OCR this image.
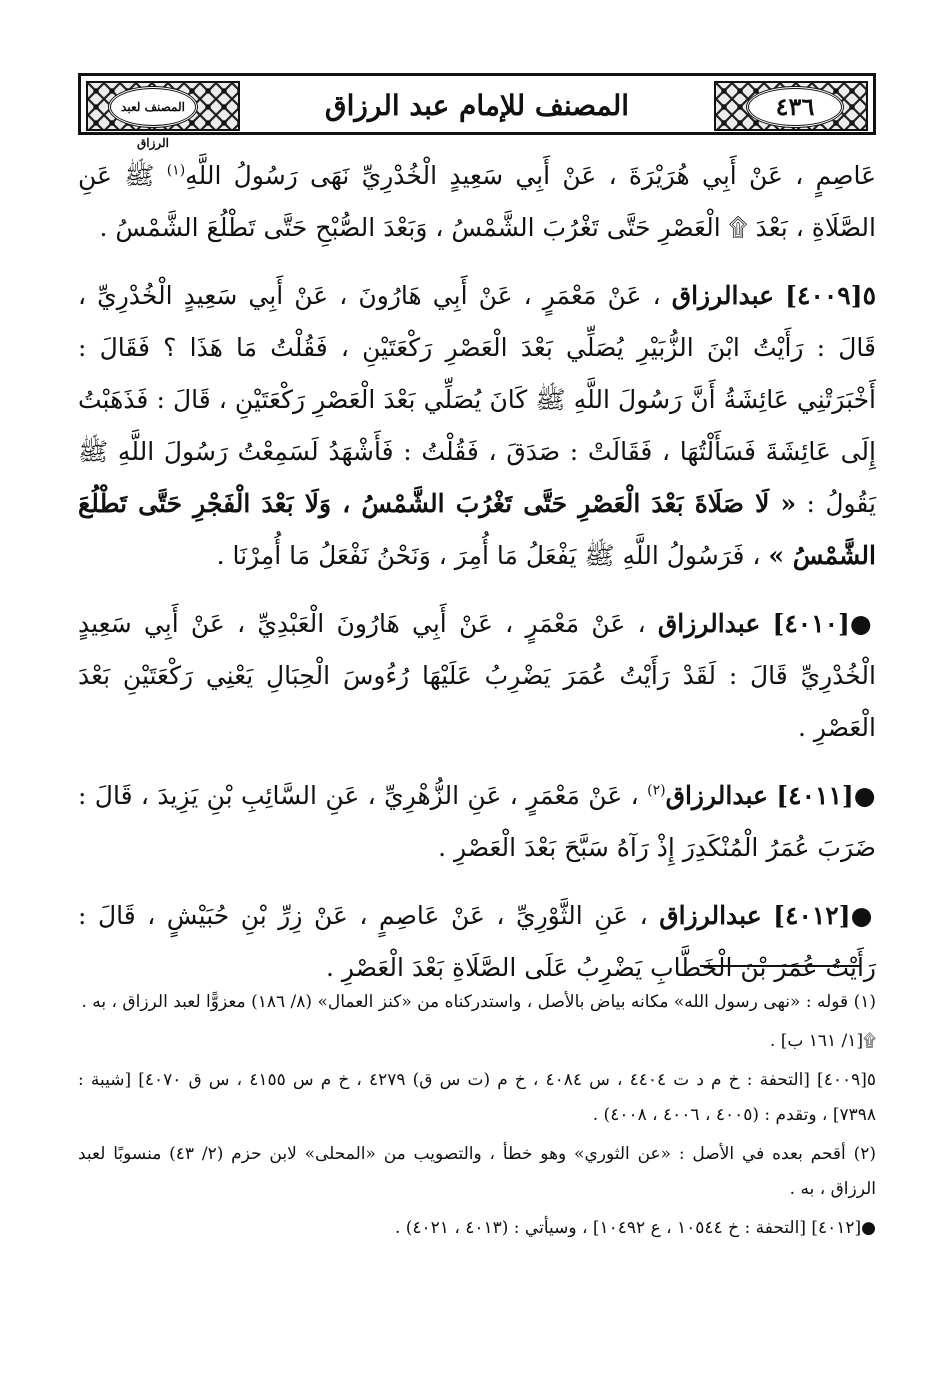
المصنف لعبد الرزاق
المصنف للإمام عبد الرزاق	٤٣٦

عَاصِمٍ ، عَنْ أَبِي هُرَيْرَةَ ، عَنْ أَبِي سَعِيدٍ الْخُدْرِيِّ نَهَى رَسُولُ اللَّهِ$^{(١)}$ ﷺ عَنِ الصَّلَاةِ ، بَعْدَ ۩ الْعَصْرِ حَتَّى تَغْرُبَ الشَّمْسُ ، وَبَعْدَ الصُّبْحِ حَتَّى تَطْلُعَ الشَّمْسُ .

٥[٤٠٠٩] عبدالرزاق ، عَنْ مَعْمَرٍ ، عَنْ أَبِي هَارُونَ ، عَنْ أَبِي سَعِيدٍ الْخُدْرِيِّ ، قَالَ : رَأَيْتُ ابْنَ الزُّبَيْرِ يُصَلِّي بَعْدَ الْعَصْرِ رَكْعَتَيْنِ ، فَقُلْتُ مَا هَذَا ؟ فَقَالَ : أَخْبَرَتْنِي عَائِشَةُ أَنَّ رَسُولَ اللَّهِ ﷺ كَانَ يُصَلِّي بَعْدَ الْعَصْرِ رَكْعَتَيْنِ ، قَالَ : فَذَهَبْتُ إِلَى عَائِشَةَ فَسَأَلْتُهَا ، فَقَالَتْ : صَدَقَ ، فَقُلْتُ : فَأَشْهَدُ لَسَمِعْتُ رَسُولَ اللَّهِ ﷺ يَقُولُ : « لَا صَلَاةَ بَعْدَ الْعَصْرِ حَتَّى تَغْرُبَ الشَّمْسُ ، وَلَا بَعْدَ الْفَجْرِ حَتَّى تَطْلُعَ الشَّمْسُ » ، فَرَسُولُ اللَّهِ ﷺ يَفْعَلُ مَا أُمِرَ ، وَنَحْنُ نَفْعَلُ مَا أُمِرْنَا .

●[٤٠١٠] عبدالرزاق ، عَنْ مَعْمَرٍ ، عَنْ أَبِي هَارُونَ الْعَبْدِيِّ ، عَنْ أَبِي سَعِيدٍ الْخُدْرِيِّ قَالَ : لَقَدْ رَأَيْتُ عُمَرَ يَضْرِبُ عَلَيْهَا رُءُوسَ الْحِبَالِ يَعْنِي رَكْعَتَيْنِ بَعْدَ الْعَصْرِ .

●[٤٠١١] عبدالرزاق$^{(٢)}$ ، عَنْ مَعْمَرٍ ، عَنِ الزُّهْرِيِّ ، عَنِ السَّائِبِ بْنِ يَزِيدَ ، قَالَ : ضَرَبَ عُمَرُ الْمُنْكَدِرَ إِذْ رَآهُ سَبَّحَ بَعْدَ الْعَصْرِ .

●[٤٠١٢] عبدالرزاق ، عَنِ الثَّوْرِيِّ ، عَنْ عَاصِمٍ ، عَنْ زِرِّ بْنِ حُبَيْشٍ ، قَالَ : رَأَيْتُ عُمَرَ بْنَ الْخَطَّابِ يَضْرِبُ عَلَى الصَّلَاةِ بَعْدَ الْعَصْرِ .

(١) قوله : «نهى رسول الله» مكانه بياض بالأصل ، واستدركناه من «كنز العمال» (٨/ ١٨٦) معزوًّا لعبد الرزاق ، به .

۩[١/ ١٦١ ب] .

٥[٤٠٠٩] [التحفة : خ م د ت ٤٤٠٤ ، س ٤٠٨٤ ، خ م (ت س ق) ٤٢٧٩ ، خ م س ٤١٥٥ ، س ق ٤٠٧٠] [شيبة : ٧٣٩٨] ، وتقدم : (٤٠٠٥ ، ٤٠٠٦ ، ٤٠٠٨) .

(٢) أقحم بعده في الأصل : «عن الثوري» وهو خطأ ، والتصويب من «المحلى» لابن حزم (٢/ ٤٣) منسوبًا لعبد الرزاق ، به .

●[٤٠١٢] [التحفة : خ ١٠٥٤٤ ، ع ١٠٤٩٢] ، وسيأتي : (٤٠١٣ ، ٤٠٢١) .
